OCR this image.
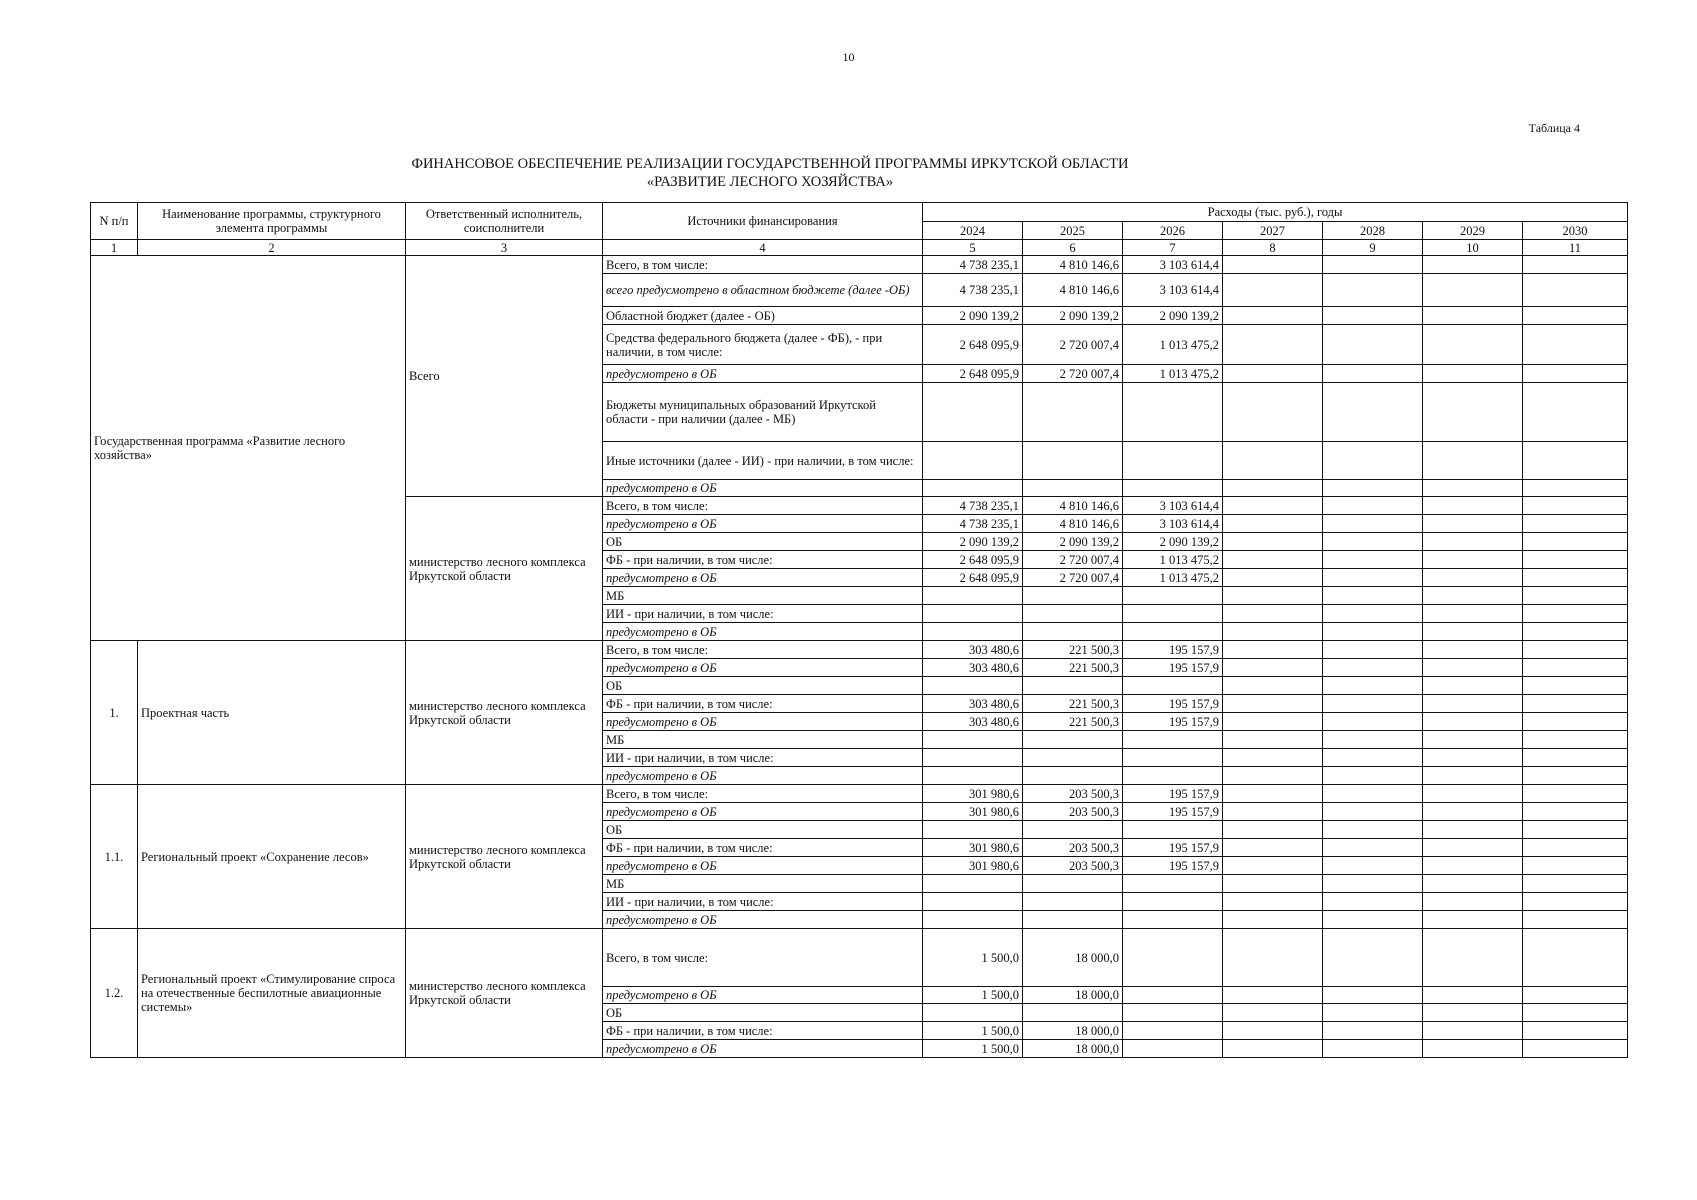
10
Таблица 4
ФИНАНСОВОЕ ОБЕСПЕЧЕНИЕ РЕАЛИЗАЦИИ ГОСУДАРСТВЕННОЙ ПРОГРАММЫ ИРКУТСКОЙ ОБЛАСТИ
«РАЗВИТИЕ ЛЕСНОГО ХОЗЯЙСТВА»
N п/п	Наименование программы, структурного элемента программы	Ответственный исполнитель, соисполнители	Источники финансирования	Расходы (тыс. руб.), годы						
				2024	2025	2026	2027	2028	2029	2030
1	2	3	4	5	6	7	8	9	10	11
Государственная программа «Развитие лесного хозяйства»		Всего	Всего, в том числе:	4 738 235,1	4 810 146,6	3 103 614,4				
			всего предусмотрено в областном бюджете (далее -ОБ)	4 738 235,1	4 810 146,6	3 103 614,4				
			Областной бюджет (далее - ОБ)	2 090 139,2	2 090 139,2	2 090 139,2				
			Средства федерального бюджета (далее - ФБ), - при наличии, в том числе:	2 648 095,9	2 720 007,4	1 013 475,2				
			предусмотрено в ОБ	2 648 095,9	2 720 007,4	1 013 475,2				
			Бюджеты муниципальных образований Иркутской области - при наличии (далее - МБ)							
			Иные источники (далее - ИИ) - при наличии, в том числе:							
			предусмотрено в ОБ							
		министерство лесного комплекса Иркутской области	Всего, в том числе:	4 738 235,1	4 810 146,6	3 103 614,4				
			предусмотрено в ОБ	4 738 235,1	4 810 146,6	3 103 614,4				
			ОБ	2 090 139,2	2 090 139,2	2 090 139,2				
			ФБ - при наличии, в том числе:	2 648 095,9	2 720 007,4	1 013 475,2				
			предусмотрено в ОБ	2 648 095,9	2 720 007,4	1 013 475,2				
			МБ							
			ИИ - при наличии, в том числе:							
			предусмотрено в ОБ							
1.	Проектная часть	министерство лесного комплекса Иркутской области	Всего, в том числе:	303 480,6	221 500,3	195 157,9				
			предусмотрено в ОБ	303 480,6	221 500,3	195 157,9				
			ОБ							
			ФБ - при наличии, в том числе:	303 480,6	221 500,3	195 157,9				
			предусмотрено в ОБ	303 480,6	221 500,3	195 157,9				
			МБ							
			ИИ - при наличии, в том числе:							
			предусмотрено в ОБ							
1.1.	Региональный проект «Сохранение лесов»	министерство лесного комплекса Иркутской области	Всего, в том числе:	301 980,6	203 500,3	195 157,9				
			предусмотрено в ОБ	301 980,6	203 500,3	195 157,9				
			ОБ							
			ФБ - при наличии, в том числе:	301 980,6	203 500,3	195 157,9				
			предусмотрено в ОБ	301 980,6	203 500,3	195 157,9				
			МБ							
			ИИ - при наличии, в том числе:							
			предусмотрено в ОБ							
1.2.	Региональный проект «Стимулирование спроса на отечественные беспилотные авиационные системы»	министерство лесного комплекса Иркутской области	Всего, в том числе:	1 500,0	18 000,0					
			предусмотрено в ОБ	1 500,0	18 000,0					
			ОБ							
			ФБ - при наличии, в том числе:	1 500,0	18 000,0					
			предусмотрено в ОБ	1 500,0	18 000,0					
